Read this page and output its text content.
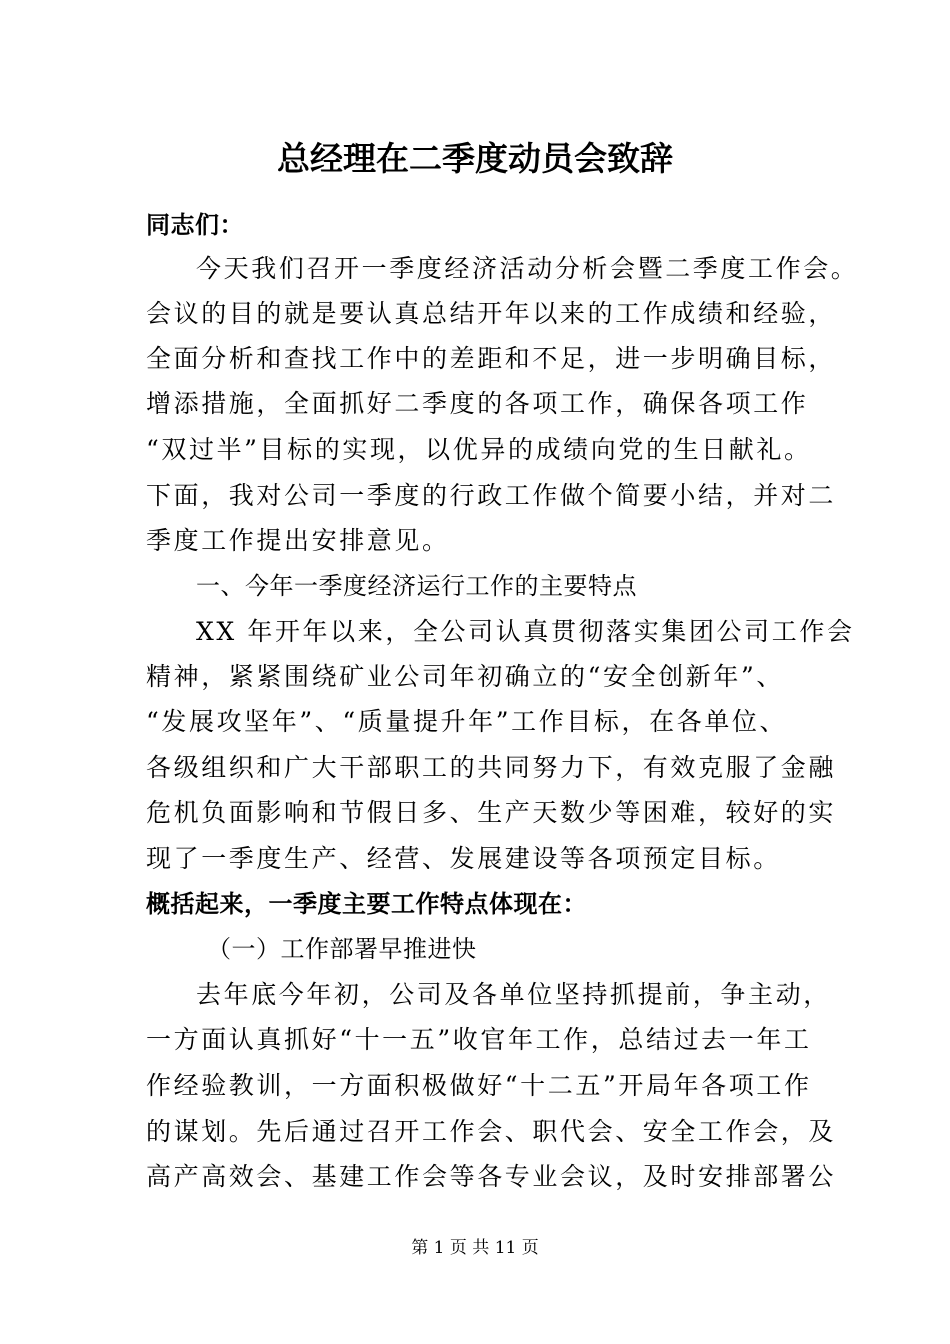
总经理在二季度动员会致辞
同志们：
今天我们召开一季度经济活动分析会暨二季度工作会。
会议的目的就是要认真总结开年以来的工作成绩和经验，
全面分析和查找工作中的差距和不足，进一步明确目标，
增添措施，全面抓好二季度的各项工作，确保各项工作
“双过半”目标的实现，以优异的成绩向党的生日献礼。
下面，我对公司一季度的行政工作做个简要小结，并对二
季度工作提出安排意见。
一、今年一季度经济运行工作的主要特点
XX 年开年以来，全公司认真贯彻落实集团公司工作会
精神，紧紧围绕矿业公司年初确立的“安全创新年”、
“发展攻坚年”、“质量提升年”工作目标，在各单位、
各级组织和广大干部职工的共同努力下，有效克服了金融
危机负面影响和节假日多、生产天数少等困难，较好的实
现了一季度生产、经营、发展建设等各项预定目标。
概括起来，一季度主要工作特点体现在：
（一）工作部署早推进快
去年底今年初，公司及各单位坚持抓提前，争主动，
一方面认真抓好“十一五”收官年工作，总结过去一年工
作经验教训，一方面积极做好“十二五”开局年各项工作
的谋划。先后通过召开工作会、职代会、安全工作会，及
高产高效会、基建工作会等各专业会议，及时安排部署公
第 1 页 共 11 页
